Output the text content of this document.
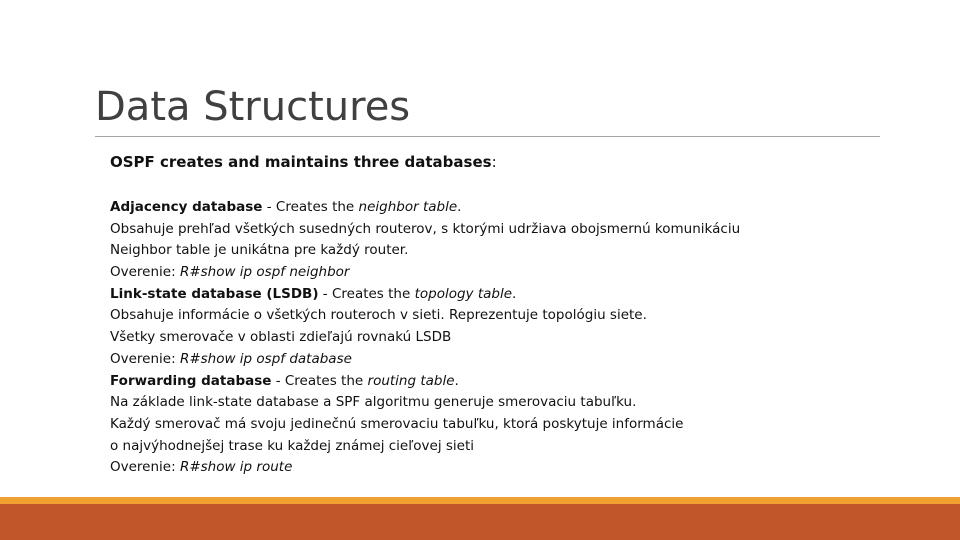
Data Structures
OSPF creates and maintains three databases:
Adjacency database - Creates the neighbor table.
Obsahuje prehľad všetkých susedných routerov, s ktorými udržiava obojsmernú komunikáciu
Neighbor table je unikátna pre každý router.
Overenie: R#show ip ospf neighbor
Link-state database (LSDB) - Creates the topology table.
Obsahuje informácie o všetkých routeroch v sieti. Reprezentuje topológiu siete.
Všetky smerovače v oblasti zdieľajú rovnakú LSDB
Overenie: R#show ip ospf database
Forwarding database - Creates the routing table.
Na základe link-state database a SPF algoritmu generuje smerovaciu tabuľku.
Každý smerovač má svoju jedinečnú smerovaciu tabuľku, ktorá poskytuje informácie
o najvýhodnejšej trase ku každej známej cieľovej sieti
Overenie: R#show ip route
